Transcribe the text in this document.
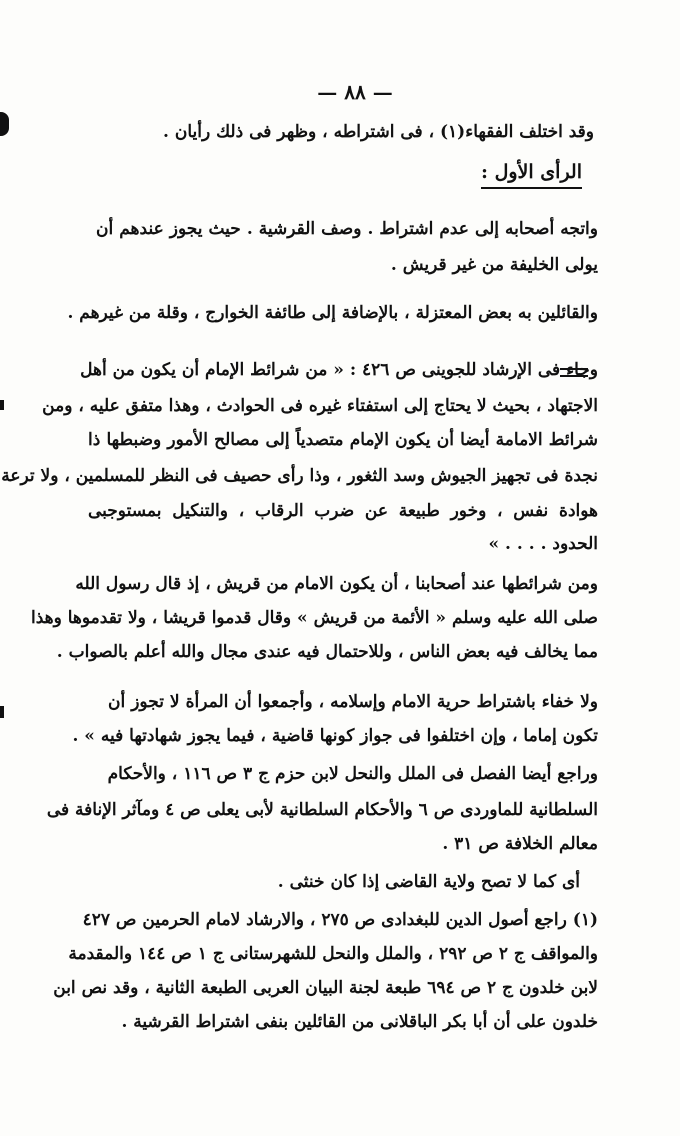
— ٨٨ —
وقد اختلف الفقهاء(١) ، فى اشتراطه ، وظهر فى ذلك رأيان .
الرأى الأول :
واتجه أصحابه إلى عدم اشتراط . وصف القرشية . حيث يجوز عندهم أن
يولى الخليفة من غير قريش .
والقائلين به بعض المعتزلة ، بالإضافة إلى طائفة الخوارج ، وقلة من غيرهم .
وجاء فى الإرشاد للجوينى ص ٤٢٦ : « من شرائط الإمام أن يكون من أهل
الاجتهاد ، بحيث لا يحتاج إلى استفتاء غيره فى الحوادث ، وهذا متفق عليه ، ومن
شرائط الامامة أيضا أن يكون الإمام متصدياً إلى مصالح الأمور وضبطها ذا
نجدة فى تجهيز الجيوش وسد الثغور ، وذا رأى حصيف فى النظر للمسلمين ، ولا ترعة
هوادة نفس ، وخور طبيعة عن ضرب الرقاب ، والتنكيل بمستوجبى
الحدود . . . . »
ومن شرائطها عند أصحابنا ، أن يكون الامام من قريش ، إذ قال رسول الله
صلى الله عليه وسلم « الأئمة من قريش » وقال قدموا قريشا ، ولا تقدموها وهذا
مما يخالف فيه بعض الناس ، وللاحتمال فيه عندى مجال والله أعلم بالصواب .
ولا خفاء باشتراط حرية الامام وإسلامه ، وأجمعوا أن المرأة لا تجوز أن
تكون إماما ، وإن اختلفوا فى جواز كونها قاضية ، فيما يجوز شهادتها فيه » .
وراجع أيضا الفصل فى الملل والنحل لابن حزم ج ٣ ص ١١٦ ، والأحكام
السلطانية للماوردى ص ٦ والأحكام السلطانية لأبى يعلى ص ٤ ومآثر الإنافة فى
معالم الخلافة ص ٣١ .
أى كما لا تصح ولاية القاضى إذا كان خنثى .
(١) راجع أصول الدين للبغدادى ص ٢٧٥ ، والارشاد لامام الحرمين ص ٤٢٧
والمواقف ج ٢ ص ٢٩٢ ، والملل والنحل للشهرستانى ج ١ ص ١٤٤ والمقدمة
لابن خلدون ج ٢ ص ٦٩٤ طبعة لجنة البيان العربى الطبعة الثانية ، وقد نص ابن
خلدون على أن أبا بكر الباقلانى من القائلين بنفى اشتراط القرشية .
